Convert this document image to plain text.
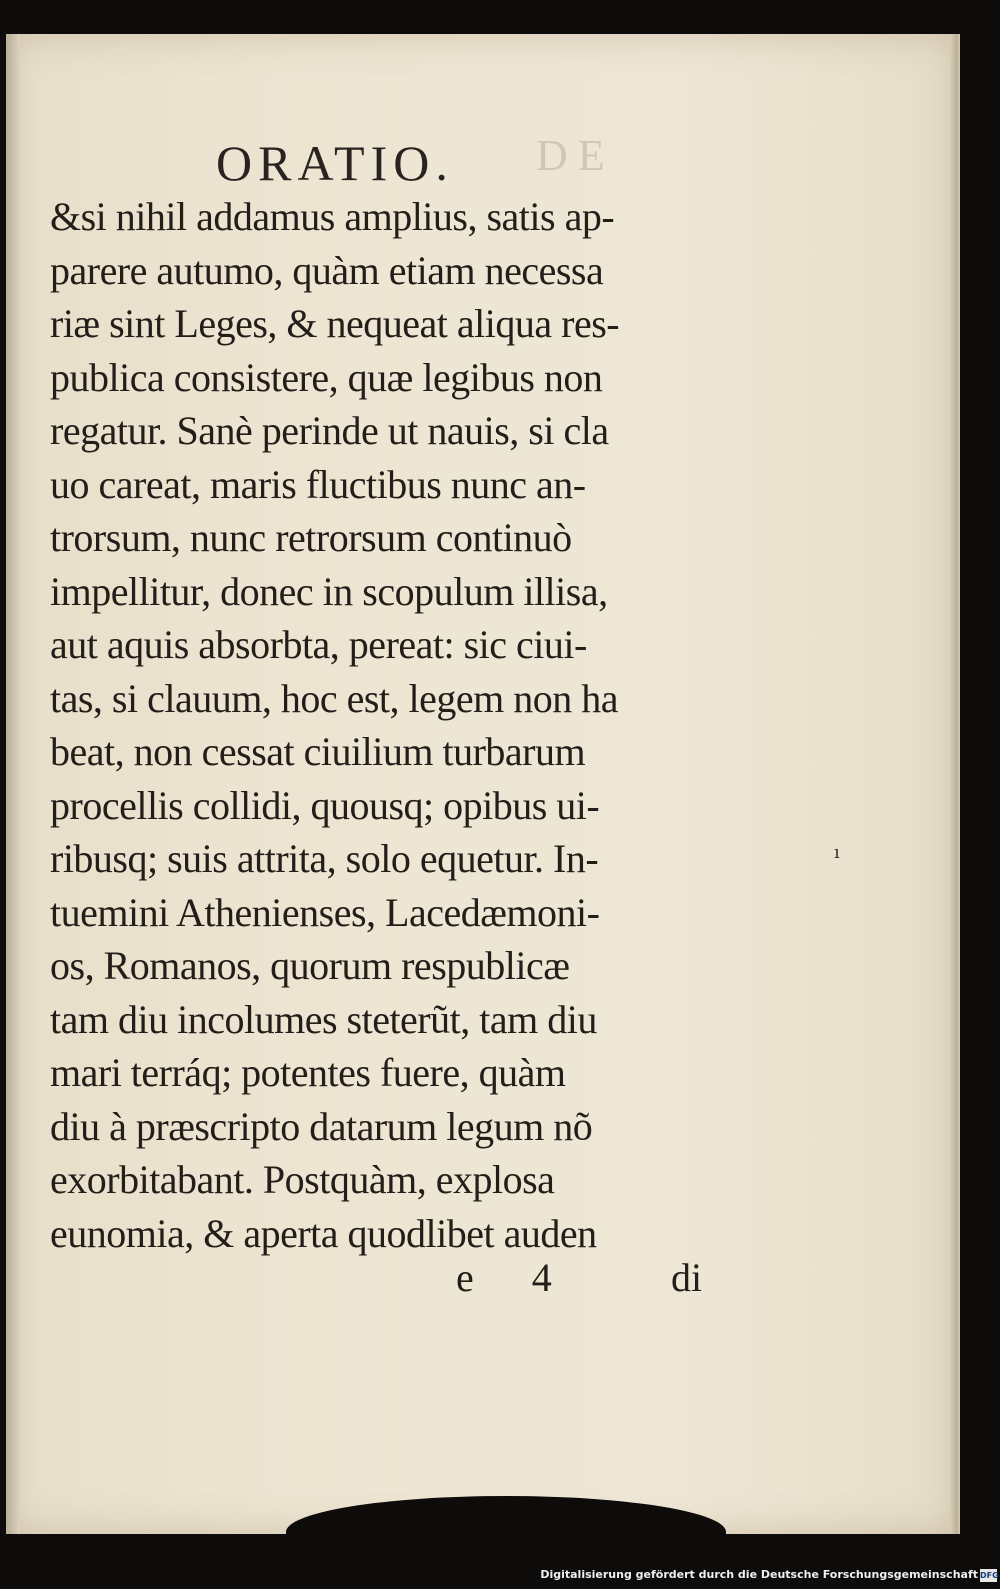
DE
ORATIO.
&si nihil addamus amplius, satis ap-
parere autumo, quàm etiam necessa
riæ sint Leges, & nequeat aliqua res-
publica consistere, quæ legibus non
regatur. Sanè perinde ut nauis, si cla
uo careat, maris fluctibus nunc an-
trorsum, nunc retrorsum continuò
impellitur, donec in scopulum illisa,
aut aquis absorbta, pereat: sic ciui-
tas, si clauum, hoc est, legem non ha
beat, non cessat ciuilium turbarum
procellis collidi, quousq; opibus ui-
ribusq; suis attrita, solo equetur. In-
tuemini Athenienses, Lacedæmoni-
os, Romanos, quorum respublicæ
tam diu incolumes steterũt, tam diu
mari terráq; potentes fuere, quàm
diu à præscripto datarum legum nõ
exorbitabant. Postquàm, explosa
eunomia, & aperta quodlibet auden
e 4 di
ı
Digitalisierung gefördert durch die Deutsche Forschungsgemeinschaft DFG
